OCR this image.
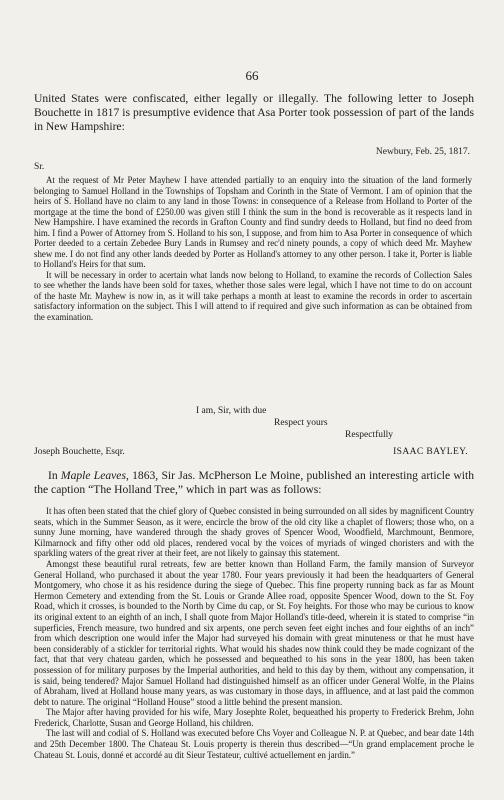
66

United States were confiscated, either legally or illegally. The following letter to Joseph Bouchette in 1817 is presumptive evidence that Asa Porter took possession of part of the lands in New Hampshire:

Newbury, Feb. 25, 1817.
Sr.

At the request of Mr Peter Mayhew I have attended partially to an enquiry into the situation of the land formerly belonging to Samuel Holland in the Townships of Topsham and Corinth in the State of Vermont. I am of opinion that the heirs of S. Holland have no claim to any land in those Towns: in consequence of a Release from Holland to Porter of the mortgage at the time the bond of £250.00 was given still I think the sum in the bond is recoverable as it respects land in New Hampshire. I have examined the records in Grafton County and find sundry deeds to Holland, but find no deed from him. I find a Power of Attorney from S. Holland to his son, I suppose, and from him to Asa Porter in consequence of which Porter deeded to a certain Zebedee Bury Lands in Rumsey and rec'd ninety pounds, a copy of which deed Mr. Mayhew shew me. I do not find any other lands deeded by Porter as Holland's attorney to any other person. I take it, Porter is liable to Holland's Heirs for that sum.

It will be necessary in order to acertain what lands now belong to Holland, to examine the records of Collection Sales to see whether the lands have been sold for taxes, whether those sales were legal, which I have not time to do on account of the haste Mr. Mayhew is now in, as it will take perhaps a month at least to examine the records in order to ascertain satisfactory information on the subject. This I will attend to if required and give such information as can be obtained from the examination.

I am, Sir, with due
Respect yours
Respectfully
Joseph Bouchette, Esqr.	ISAAC BAYLEY.

In Maple Leaves, 1863, Sir Jas. McPherson Le Moine, published an interesting article with the caption “The Holland Tree,” which in part was as follows:

It has often been stated that the chief glory of Quebec consisted in being surrounded on all sides by magnificent Country seats, which in the Summer Season, as it were, encircle the brow of the old city like a chaplet of flowers; those who, on a sunny June morning, have wandered through the shady groves of Spencer Wood, Woodfield, Marchmount, Benmore, Kilmarnock and fifty other odd old places, rendered vocal by the voices of myriads of winged choristers and with the sparkling waters of the great river at their feet, are not likely to gainsay this statement.

Amongst these beautiful rural retreats, few are better known than Holland Farm, the family mansion of Surveyor General Holland, who purchased it about the year 1780. Four years previously it had been the headquarters of General Montgomery, who chose it as his residence during the siege of Quebec. This fine property running back as far as Mount Hermon Cemetery and extending from the St. Louis or Grande Allee road, opposite Spencer Wood, down to the St. Foy Road, which it crosses, is bounded to the North by Cime du cap, or St. Foy heights. For those who may be curious to know its original extent to an eighth of an inch, I shall quote from Major Holland's title-deed, wherein it is stated to comprise “in superficies, French measure, two hundred and six arpents, one perch seven feet eight inches and four eighths of an inch” from which description one would infer the Major had surveyed his domain with great minuteness or that he must have been considerably of a stickler for territorial rights. What would his shades now think could they be made cognizant of the fact, that that very chateau garden, which he possessed and bequeathed to his sons in the year 1800, has been taken possession of for military purposes by the Imperial authorities, and held to this day by them, without any compensation, it is said, being tendered? Major Samuel Holland had distinguished himself as an officer under General Wolfe, in the Plains of Abraham, lived at Holland house many years, as was customary in those days, in affluence, and at last paid the common debt to nature. The original “Holland House” stood a little behind the present mansion.

The Major after having provided for his wife, Mary Josephte Rolet, bequeathed his property to Frederick Brehm, John Frederick, Charlotte, Susan and George Holland, his children.

The last will and codial of S. Holland was executed before Chs Voyer and Colleague N. P. at Quebec, and bear date 14th and 25th December 1800. The Chateau St. Louis property is therein thus described—“Un grand emplacement proche le Chateau St. Louis, donné et accordé au dit Sieur Testateur, cultivé actuellement en jardin.”
